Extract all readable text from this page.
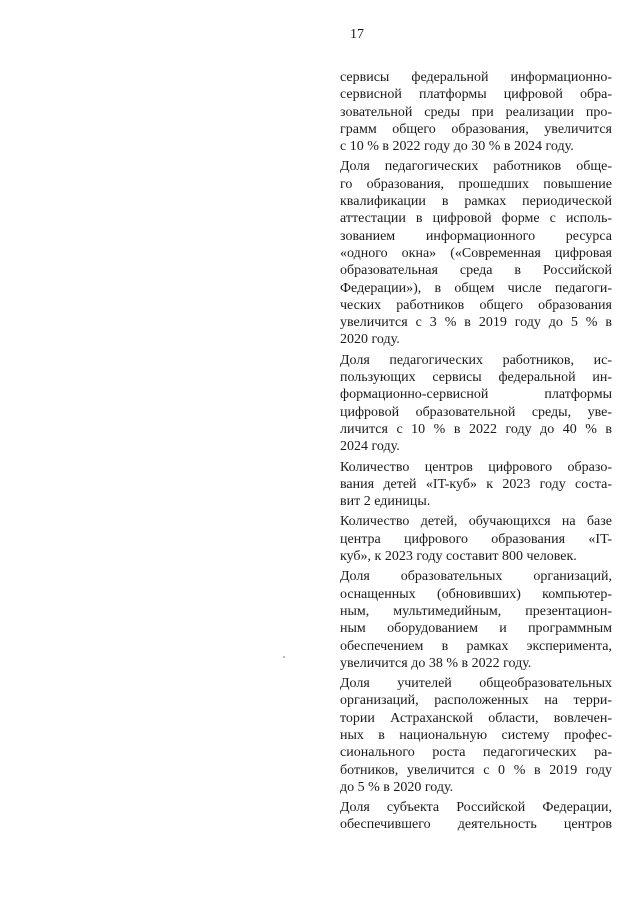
17
сервисы федеральной информационно-
сервисной платформы цифровой обра-
зовательной среды при реализации про-
грамм общего образования, увеличится
с 10 % в 2022 году до 30 % в 2024 году.
Доля педагогических работников обще-
го образования, прошедших повышение
квалификации в рамках периодической
аттестации в цифровой форме с исполь-
зованием информационного ресурса
«одного окна» («Современная цифровая
образовательная среда в Российской
Федерации»), в общем числе педагоги-
ческих работников общего образования
увеличится с 3 % в 2019 году до 5 % в
2020 году.
Доля педагогических работников, ис-
пользующих сервисы федеральной ин-
формационно-сервисной платформы
цифровой образовательной среды, уве-
личится с 10 % в 2022 году до 40 % в
2024 году.
Количество центров цифрового образо-
вания детей «IT-куб» к 2023 году соста-
вит 2 единицы.
Количество детей, обучающихся на базе
центра цифрового образования «IT-
куб», к 2023 году составит 800 человек.
Доля образовательных организаций,
оснащенных (обновивших) компьютер-
ным, мультимедийным, презентацион-
ным оборудованием и программным
обеспечением в рамках эксперимента,
увеличится до 38 % в 2022 году.
Доля учителей общеобразовательных
организаций, расположенных на терри-
тории Астраханской области, вовлечен-
ных в национальную систему профес-
сионального роста педагогических ра-
ботников, увеличится с 0 % в 2019 году
до 5 % в 2020 году.
Доля субъекта Российской Федерации,
обеспечившего деятельность центров
